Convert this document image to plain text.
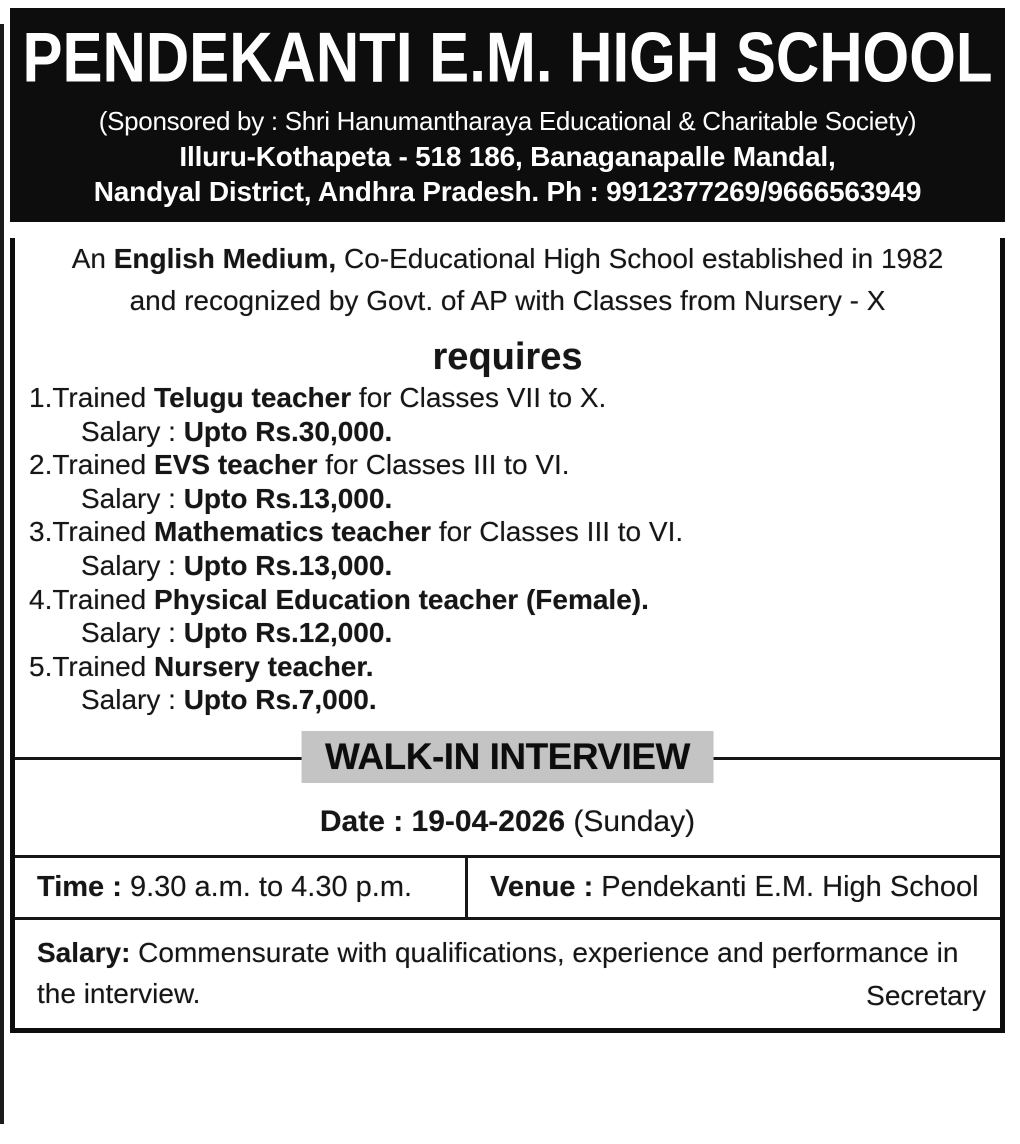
PENDEKANTI E.M. HIGH SCHOOL

(Sponsored by : Shri Hanumantharaya Educational & Charitable Society)

Illuru-Kothapeta - 518 186, Banaganapalle Mandal,

Nandyal District, Andhra Pradesh. Ph : 9912377269/9666563949

An English Medium, Co-Educational High School established in 1982

and recognized by Govt. of AP with Classes from Nursery - X

requires

1.Trained Telugu teacher for Classes VII to X.

Salary : Upto Rs.30,000.

2.Trained EVS teacher for Classes III to VI.

Salary : Upto Rs.13,000.

3.Trained Mathematics teacher for Classes III to VI.

Salary : Upto Rs.13,000.

4.Trained Physical Education teacher (Female).

Salary : Upto Rs.12,000.

5.Trained Nursery teacher.

Salary : Upto Rs.7,000.

WALK-IN INTERVIEW

Date : 19-04-2026 (Sunday)

Time : 9.30 a.m. to 4.30 p.m.	Venue : Pendekanti E.M. High School

Salary: Commensurate with qualifications, experience and performance in the interview.	Secretary
